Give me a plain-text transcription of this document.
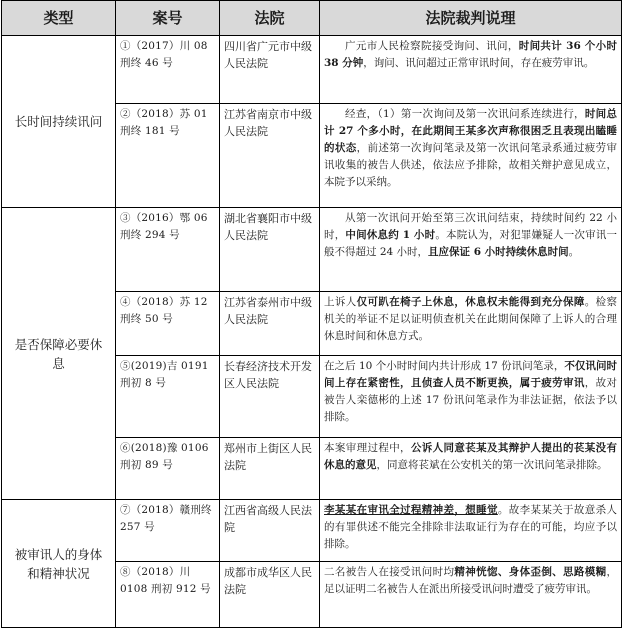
类型	案号	法院	法院裁判说理
长时间持续讯问	①（2017）川 08 刑终 46 号	四川省广元市中级人民法院	广元市人民检察院接受询问、讯问，时间共计 36 个小时 38 分钟，询问、讯问超过正常审讯时间，存在疲劳审讯。

	②（2018）苏 01 刑终 181 号	江苏省南京市中级人民法院	经查，（1）第一次询问及第一次讯问系连续进行，时间总计 27 个多小时，在此期间王某多次声称很困乏且表现出瞌睡的状态，前述第一次询问笔录及第一次讯问笔录系通过疲劳审讯收集的被告人供述，依法应予排除，故相关辩护意见成立，本院予以采纳。

是否保障必要休息	③（2016）鄂 06 刑终 294 号	湖北省襄阳市中级人民法院	从第一次讯问开始至第三次讯问结束，持续时间约 22 小时，中间休息约 1 小时。本院认为，对犯罪嫌疑人一次审讯一般不得超过 24 小时，且应保证 6 小时持续休息时间。

	④（2018）苏 12 刑终 50 号	江苏省泰州市中级人民法院	上诉人仅可趴在椅子上休息，休息权未能得到充分保障。检察机关的举证不足以证明侦查机关在此期间保障了上诉人的合理休息时间和休息方式。
	⑤(2019)吉 0191 刑初 8 号	长春经济技术开发区人民法院	在之后 10 个小时时间内共计形成 17 份讯问笔录，不仅讯问时间上存在紧密性，且侦查人员不断更换，属于疲劳审讯，故对被告人栾德彬的上述 17 份讯问笔录作为非法证据，依法予以排除。
	⑥(2018)豫 0106 刑初 89 号	郑州市上街区人民法院	本案审理过程中，公诉人同意苌某及其辩护人提出的苌某没有休息的意见，同意将苌斌在公安机关的第一次讯问笔录排除。
被审讯人的身体和精神状况	⑦（2018）赣刑终 257 号	江西省高级人民法院	李某某在审讯全过程精神差，想睡觉。故李某某关于故意杀人的有罪供述不能完全排除非法取证行为存在的可能，均应予以排除。
	⑧（2018）川 0108 刑初 912 号	成都市成华区人民法院	二名被告人在接受讯问时均精神恍惚、身体歪倒、思路模糊，足以证明二名被告人在派出所接受讯问时遭受了疲劳审讯。
